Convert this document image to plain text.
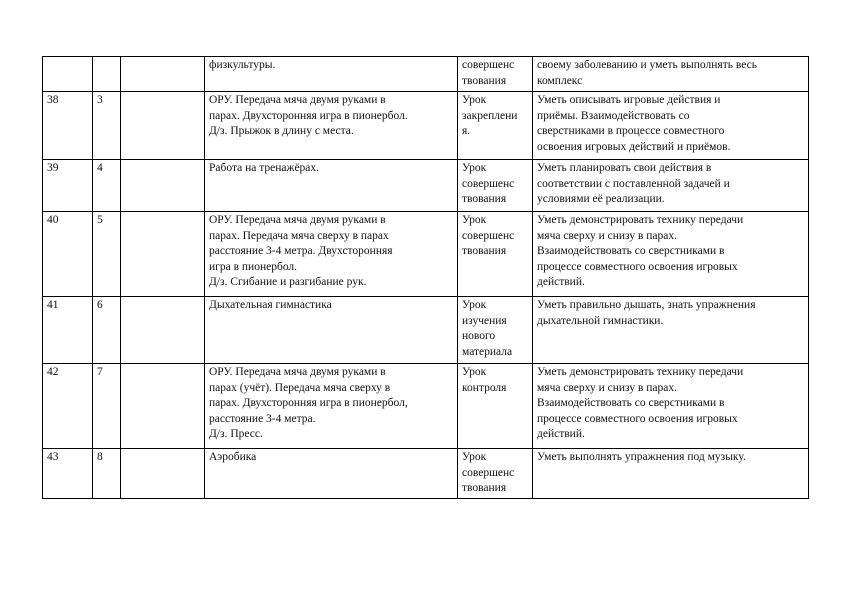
			физкультуры.	совершенс
твования	своему заболеванию и уметь выполнять весь
комплекс
38	3		ОРУ. Передача мяча двумя руками в
парах. Двухсторонняя игра в пионербол.
Д/з. Прыжок в длину с места.	Урок
закреплени
я.	Уметь описывать игровые действия и
приёмы. Взаимодействовать со
сверстниками в процессе совместного
освоения игровых действий и приёмов.
39	4		Работа на тренажёрах.	Урок
совершенс
твования	Уметь планировать свои действия в
соответствии с поставленной задачей и
условиями её реализации.
40	5		ОРУ. Передача мяча двумя руками в
парах. Передача мяча сверху в парах
расстояние 3-4 метра. Двухсторонняя
игра в пионербол.
Д/з. Сгибание и разгибание рук.	Урок
совершенс
твования	Уметь демонстрировать технику передачи
мяча сверху и снизу в парах.
Взаимодействовать со сверстниками в
процессе совместного освоения игровых
действий.
41	6		Дыхательная гимнастика	Урок
изучения
нового
материала	Уметь правильно дышать, знать упражнения
дыхательной гимнастики.
42	7		ОРУ. Передача мяча двумя руками в
парах (учёт). Передача мяча сверху в
парах. Двухсторонняя игра в пионербол,
расстояние 3-4 метра.
Д/з. Пресс.	Урок
контроля	Уметь демонстрировать технику передачи
мяча сверху и снизу в парах.
Взаимодействовать со сверстниками в
процессе совместного освоения игровых
действий.
43	8		Аэробика	Урок
совершенс
твования	Уметь выполнять упражнения под музыку.
